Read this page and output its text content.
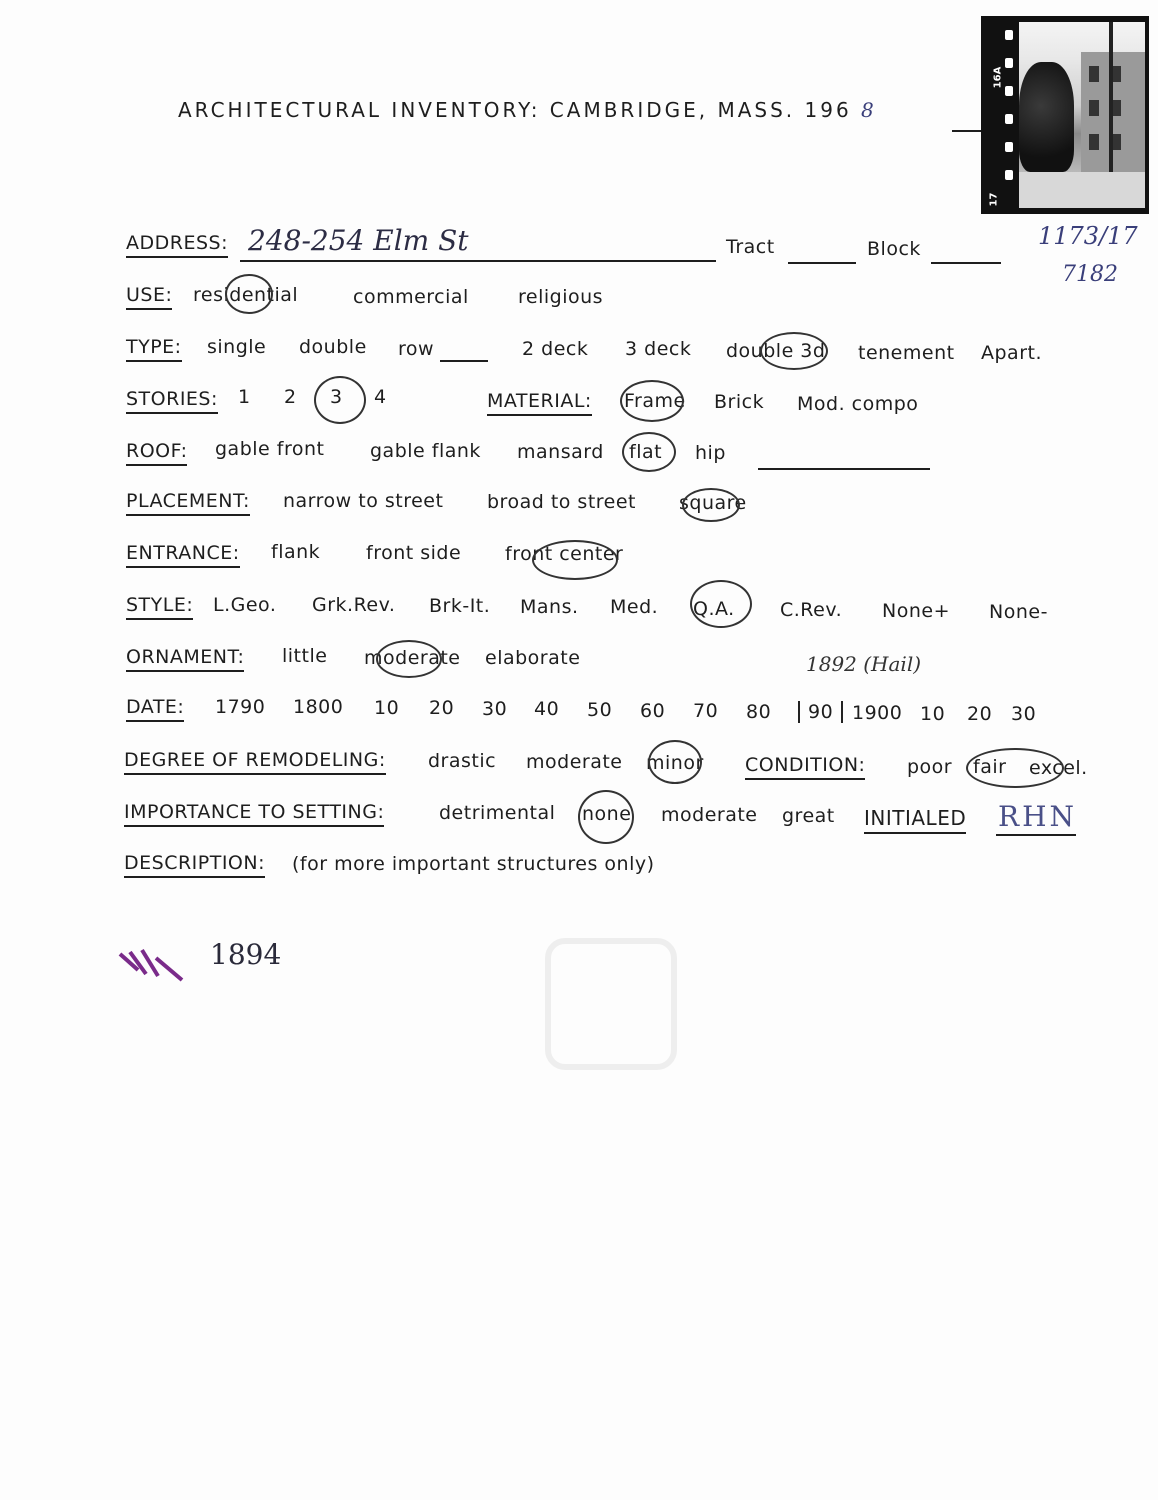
ARCHITECTURAL INVENTORY: CAMBRIDGE, MASS. 196 8
16A
17
1173/17
7182
ADDRESS: 248-254 Elm St	Tract	Block
USE: residential	commercial	religious
TYPE: single double row	2 deck 3 deck double 3d tenement Apart.
STORIES: 1 2 3 4	MATERIAL: Frame Brick Mod. compo
ROOF: gable front gable flank mansard flat hip
PLACEMENT: narrow to street broad to street square
ENTRANCE: flank front side front center
STYLE: L.Geo. Grk.Rev. Brk-It. Mans. Med. Q.A. C.Rev. None+ None-
ORNAMENT: little moderate elaborate	1892 (Hail)
DATE: 1790 1800 10 20 30 40 50 60 70 80	90 1900 10 20 30
DEGREE OF REMODELING: drastic moderate minor CONDITION: poor fair excel.
IMPORTANCE TO SETTING:	detrimental none moderate great INITIALED RHN
DESCRIPTION: (for more important structures only)
1894
